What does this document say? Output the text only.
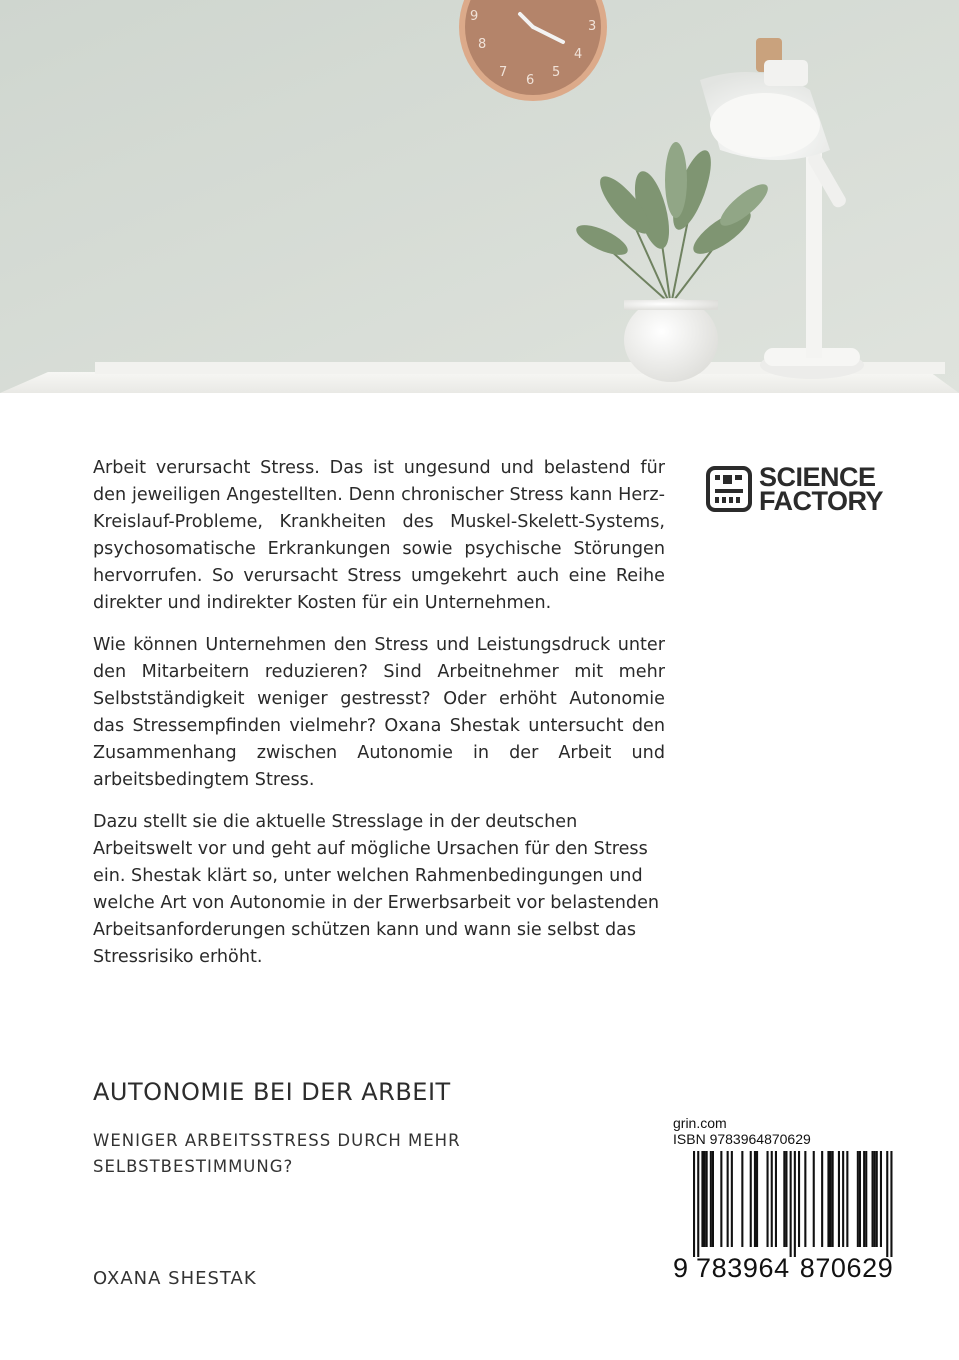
9
3
4
5
6
7
8

Arbeit verursacht Stress. Das ist ungesund und belastend für den jeweiligen Angestellten. Denn chronischer Stress kann Herz-Kreislauf-Probleme, Krankheiten des Muskel-Skelett-Systems, psychosomatische Erkrankungen sowie psychische Störungen hervorrufen. So verursacht Stress umgekehrt auch eine Reihe direkter und indirekter Kosten für ein Unternehmen.

Wie können Unternehmen den Stress und Leistungsdruck unter den Mitarbeitern reduzieren? Sind Arbeitnehmer mit mehr Selbstständigkeit weniger gestresst? Oder erhöht Autonomie das Stressempfinden vielmehr? Oxana Shestak untersucht den Zusammenhang zwischen Autonomie in der Arbeit und arbeitsbedingtem Stress.

Dazu stellt sie die aktuelle Stresslage in der deutschen Arbeitswelt vor und geht auf mögliche Ursachen für den Stress ein. Shestak klärt so, unter welchen Rahmenbedingungen und welche Art von Autonomie in der Erwerbsarbeit vor belastenden Arbeitsanforderungen schützen kann und wann sie selbst das Stressrisiko erhöht.

SCIENCE
FACTORY
AUTONOMIE BEI DER ARBEIT
WENIGER ARBEITSSTRESS DURCH MEHR
SELBSTBESTIMMUNG?
OXANA SHESTAK
grin.com
ISBN 9783964870629
9 783964 870629
